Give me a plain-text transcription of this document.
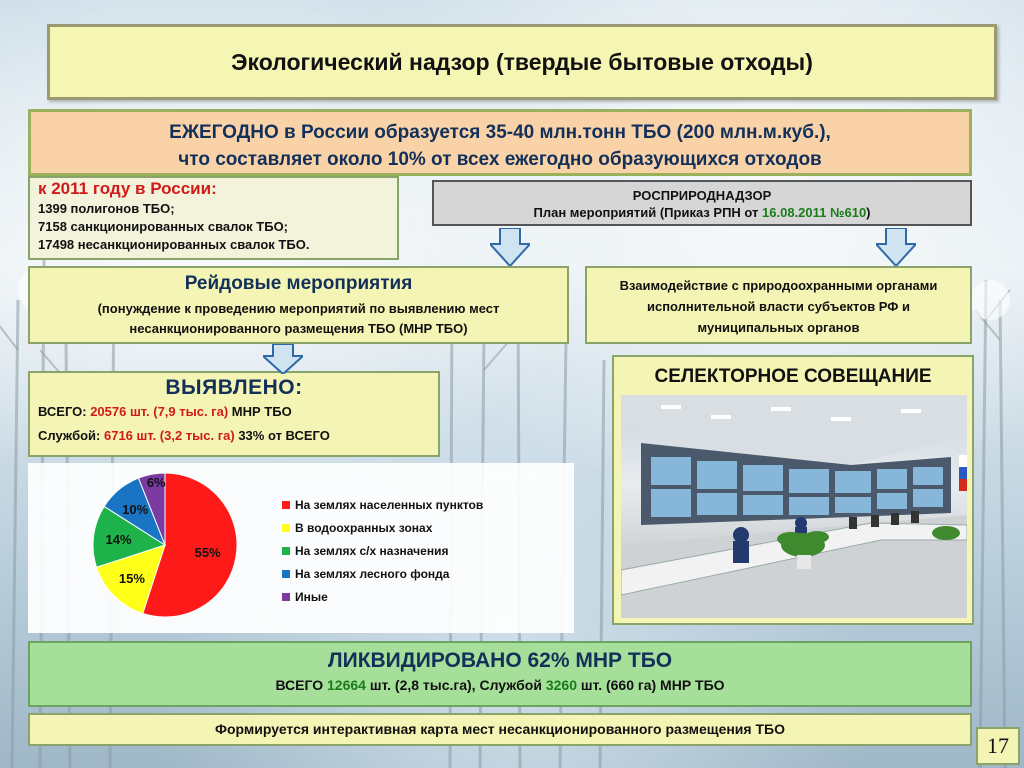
Экологический надзор (твердые бытовые отходы)
ЕЖЕГОДНО в России образуется 35-40 млн.тонн ТБО (200 млн.м.куб.),
что составляет около 10% от всех ежегодно образующихся отходов
к 2011 году в России:
1399 полигонов ТБО;
7158 санкционированных свалок ТБО;
17498 несанкционированных свалок ТБО.
РОСПРИРОДНАДЗОР
План мероприятий (Приказ РПН от 16.08.2011 №610)
Рейдовые мероприятия
(понуждение к проведению мероприятий по выявлению мест
несанкционированного размещения ТБО (МНР ТБО)
Взаимодействие с природоохранными органами
исполнительной власти субъектов РФ и
муниципальных органов
ВЫЯВЛЕНО:
ВСЕГО: 20576 шт. (7,9 тыс. га) МНР ТБО
Службой: 6716 шт. (3,2 тыс. га) 33% от ВСЕГО
55%
15%
14%
10%
6%
На землях населенных пунктов
В водоохранных зонах
На землях с/х назначения
На землях лесного фонда
Иные
СЕЛЕКТОРНОЕ СОВЕЩАНИЕ
ЛИКВИДИРОВАНО 62% МНР ТБО
ВСЕГО 12664 шт. (2,8 тыс.га), Службой 3260 шт. (660 га) МНР ТБО
Формируется интерактивная карта мест несанкционированного размещения ТБО
17
